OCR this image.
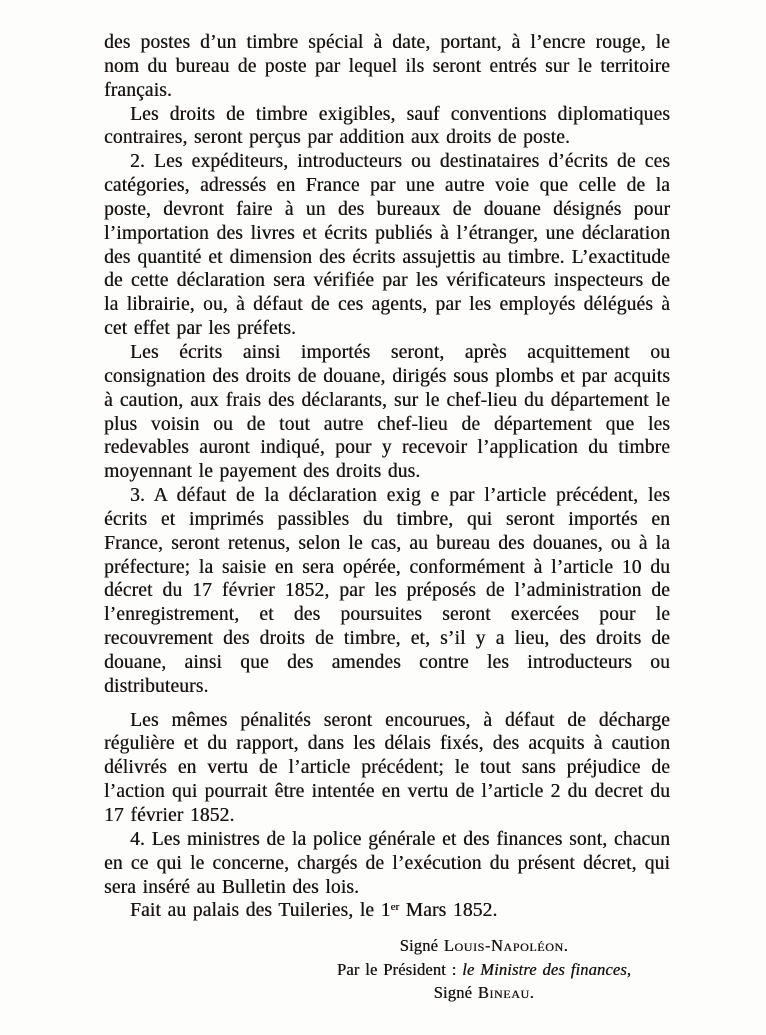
des postes d’un timbre spécial à date, portant, à l’encre rouge, le nom du bureau de poste par lequel ils seront entrés sur le territoire français.

Les droits de timbre exigibles, sauf conventions diplomatiques contraires, seront perçus par addition aux droits de poste.

2. Les expéditeurs, introducteurs ou destinataires d’écrits de ces catégories, adressés en France par une autre voie que celle de la poste, devront faire à un des bureaux de douane désignés pour l’importation des livres et écrits publiés à l’étranger, une déclaration des quantité et dimension des écrits assujettis au timbre. L’exactitude de cette déclaration sera vérifiée par les vérificateurs inspecteurs de la librairie, ou, à défaut de ces agents, par les employés délégués à cet effet par les préfets.

Les écrits ainsi importés seront, après acquittement ou consignation des droits de douane, dirigés sous plombs et par acquits à caution, aux frais des déclarants, sur le chef-lieu du département le plus voisin ou de tout autre chef-lieu de département que les redevables auront indiqué, pour y recevoir l’application du timbre moyennant le payement des droits dus.

3. A défaut de la déclaration exig e par l’article précédent, les écrits et imprimés passibles du timbre, qui seront importés en France, seront retenus, selon le cas, au bureau des douanes, ou à la préfecture; la saisie en sera opérée, conformément à l’article 10 du décret du 17 février 1852, par les préposés de l’administration de l’enregistrement, et des poursuites seront exercées pour le recouvrement des droits de timbre, et, s’il y a lieu, des droits de douane, ainsi que des amendes contre les introducteurs ou distributeurs.

Les mêmes pénalités seront encourues, à défaut de décharge régulière et du rapport, dans les délais fixés, des acquits à caution délivrés en vertu de l’article précédent; le tout sans préjudice de l’action qui pourrait être intentée en vertu de l’article 2 du decret du 17 février 1852.

4. Les ministres de la police générale et des finances sont, chacun en ce qui le concerne, chargés de l’exécution du présent décret, qui sera inséré au Bulletin des lois.

Fait au palais des Tuileries, le 1er Mars 1852.

Signé Louis-Napoléon.
Par le Président : le Ministre des finances,
Signé Bineau.
